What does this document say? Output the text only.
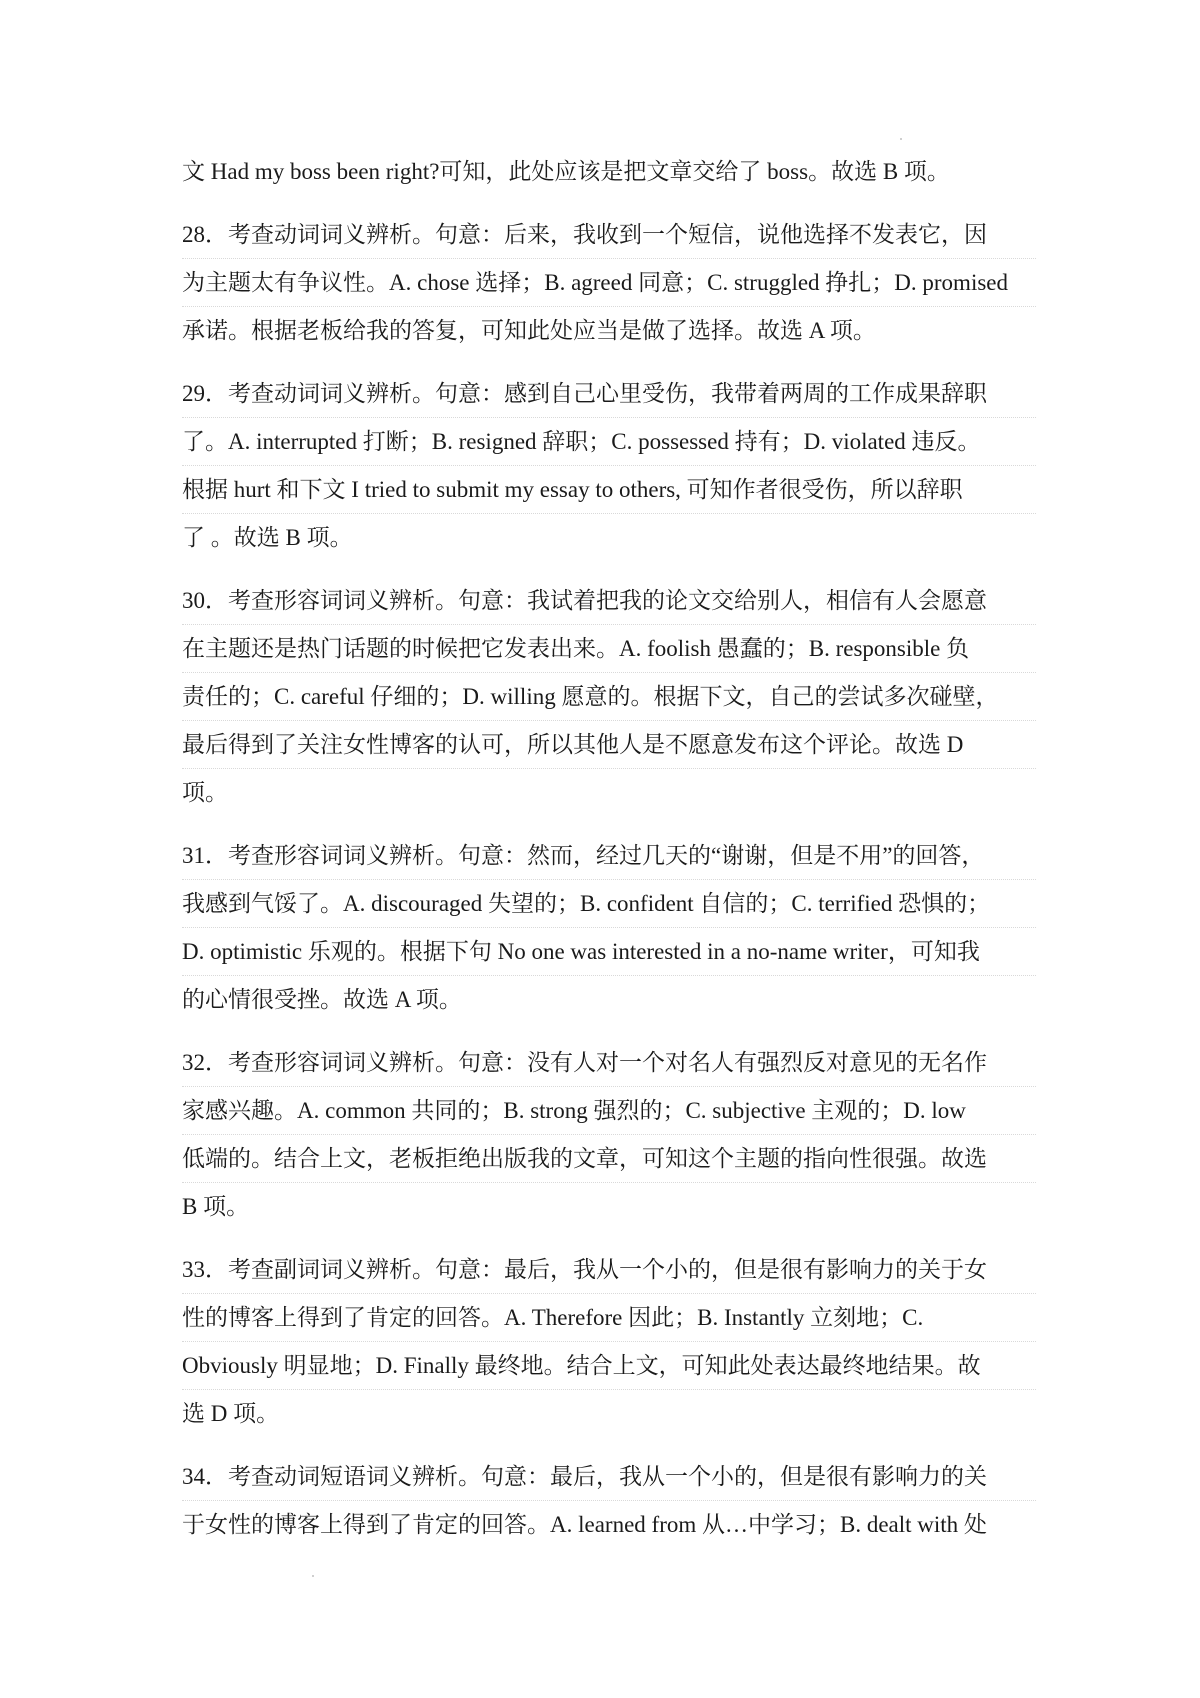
文 Had my boss been right?可知，此处应该是把文章交给了 boss。故选 B 项。
28．考查动词词义辨析。句意：后来，我收到一个短信，说他选择不发表它，因
为主题太有争议性。A. chose 选择；B. agreed 同意；C. struggled 挣扎；D. promised
承诺。根据老板给我的答复，可知此处应当是做了选择。故选 A 项。
29．考查动词词义辨析。句意：感到自己心里受伤，我带着两周的工作成果辞职
了。A. interrupted 打断；B. resigned 辞职；C. possessed 持有；D. violated 违反。
根据 hurt 和下文 I tried to submit my essay to others, 可知作者很受伤，所以辞职
了 。故选 B 项。
30．考查形容词词义辨析。句意：我试着把我的论文交给别人，相信有人会愿意
在主题还是热门话题的时候把它发表出来。A. foolish 愚蠢的；B. responsible 负
责任的；C. careful 仔细的；D. willing 愿意的。根据下文，自己的尝试多次碰壁，
最后得到了关注女性博客的认可，所以其他人是不愿意发布这个评论。故选 D
项。
31．考查形容词词义辨析。句意：然而，经过几天的“谢谢，但是不用”的回答，
我感到气馁了。A. discouraged 失望的；B. confident 自信的；C. terrified 恐惧的；
D. optimistic 乐观的。根据下句 No one was interested in a no-name writer，可知我
的心情很受挫。故选 A 项。
32．考查形容词词义辨析。句意：没有人对一个对名人有强烈反对意见的无名作
家感兴趣。A. common 共同的；B. strong 强烈的；C. subjective 主观的；D. low
低端的。结合上文，老板拒绝出版我的文章，可知这个主题的指向性很强。故选
B 项。
33．考查副词词义辨析。句意：最后，我从一个小的，但是很有影响力的关于女
性的博客上得到了肯定的回答。A. Therefore 因此；B. Instantly 立刻地；C.
Obviously 明显地；D. Finally 最终地。结合上文，可知此处表达最终地结果。故
选 D 项。
34．考查动词短语词义辨析。句意：最后，我从一个小的，但是很有影响力的关
于女性的博客上得到了肯定的回答。A. learned from 从…中学习；B. dealt with 处
